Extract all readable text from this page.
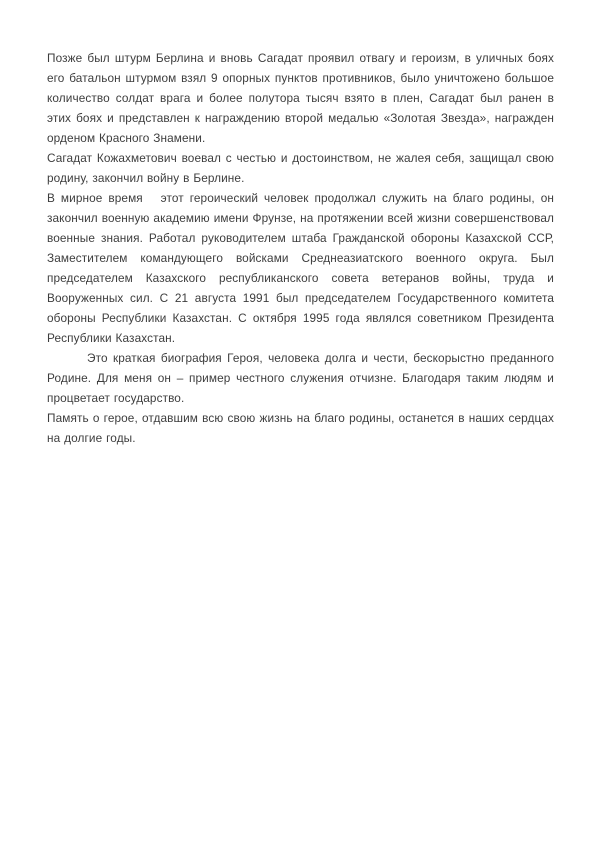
Позже был штурм Берлина и вновь Сагадат проявил отвагу и героизм, в уличных боях его батальон штурмом взял 9 опорных пунктов противников, было уничтожено большое количество солдат врага и более полутора тысяч взято в плен, Сагадат был ранен в этих боях и представлен к награждению второй медалью «Золотая Звезда», награжден орденом Красного Знамени.

Сагадат Кожахметович воевал с честью и достоинством, не жалея себя, защищал свою родину, закончил войну в Берлине.

В мирное время   этот героический человек продолжал служить на благо родины, он закончил военную академию имени Фрунзе, на протяжении всей жизни совершенствовал военные знания. Работал руководителем штаба Гражданской обороны Казахской ССР, Заместителем командующего войсками Среднеазиатского военного округа. Был председателем Казахского республиканского совета ветеранов войны, труда и Вооруженных сил. С 21 августа 1991 был председателем Государственного комитета обороны Республики Казахстан. С октября 1995 года являлся советником Президента Республики Казахстан.

Это краткая биография Героя, человека долга и чести, бескорыстно преданного Родине. Для меня он – пример честного служения отчизне. Благодаря таким людям и процветает государство.

Память о герое, отдавшим всю свою жизнь на благо родины, останется в наших сердцах на долгие годы.
